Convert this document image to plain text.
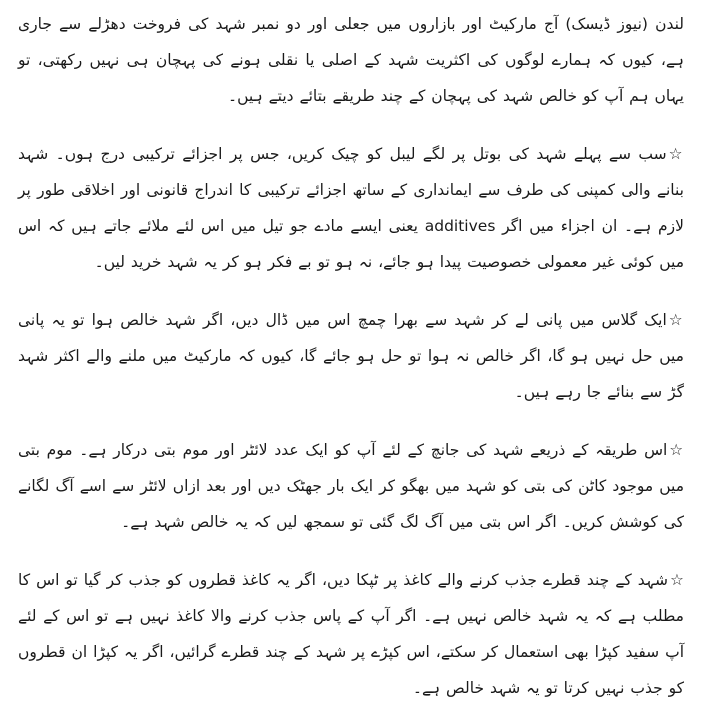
لندن (نیوز ڈیسک) آج مارکیٹ اور بازاروں میں جعلی اور دو نمبر شہد کی فروخت دھڑلے سے جاری ہے، کیوں کہ ہمارے لوگوں کی اکثریت شہد کے اصلی یا نقلی ہونے کی پہچان ہی نہیں رکھتی، تو یہاں ہم آپ کو خالص شہد کی پہچان کے چند طریقے بتائے دیتے ہیں۔

☆سب سے پہلے شہد کی بوتل پر لگے لیبل کو چیک کریں، جس پر اجزائے ترکیبی درج ہوں۔ شہد بنانے والی کمپنی کی طرف سے ایمانداری کے ساتھ اجزائے ترکیبی کا اندراج قانونی اور اخلاقی طور پر لازم ہے۔ ان اجزاء میں اگر additives یعنی ایسے مادے جو تیل میں اس لئے ملائے جاتے ہیں کہ اس میں کوئی غیر معمولی خصوصیت پیدا ہو جائے، نہ ہو تو بے فکر ہو کر یہ شہد خرید لیں۔

☆ایک گلاس میں پانی لے کر شہد سے بھرا چمچ اس میں ڈال دیں، اگر شہد خالص ہوا تو یہ پانی میں حل نہیں ہو گا، اگر خالص نہ ہوا تو حل ہو جائے گا، کیوں کہ مارکیٹ میں ملنے والے اکثر شہد گڑ سے بنائے جا رہے ہیں۔

☆اس طریقہ کے ذریعے شہد کی جانچ کے لئے آپ کو ایک عدد لائٹر اور موم بتی درکار ہے۔ موم بتی میں موجود کاٹن کی بتی کو شہد میں بھگو کر ایک بار جھٹک دیں اور بعد ازاں لائٹر سے اسے آگ لگانے کی کوشش کریں۔ اگر اس بتی میں آگ لگ گئی تو سمجھ لیں کہ یہ خالص شہد ہے۔

☆شہد کے چند قطرے جذب کرنے والے کاغذ پر ٹپکا دیں، اگر یہ کاغذ قطروں کو جذب کر گیا تو اس کا مطلب ہے کہ یہ شہد خالص نہیں ہے۔ اگر آپ کے پاس جذب کرنے والا کاغذ نہیں ہے تو اس کے لئے آپ سفید کپڑا بھی استعمال کر سکتے، اس کپڑے پر شہد کے چند قطرے گرائیں، اگر یہ کپڑا ان قطروں کو جذب نہیں کرتا تو یہ شہد خالص ہے۔
